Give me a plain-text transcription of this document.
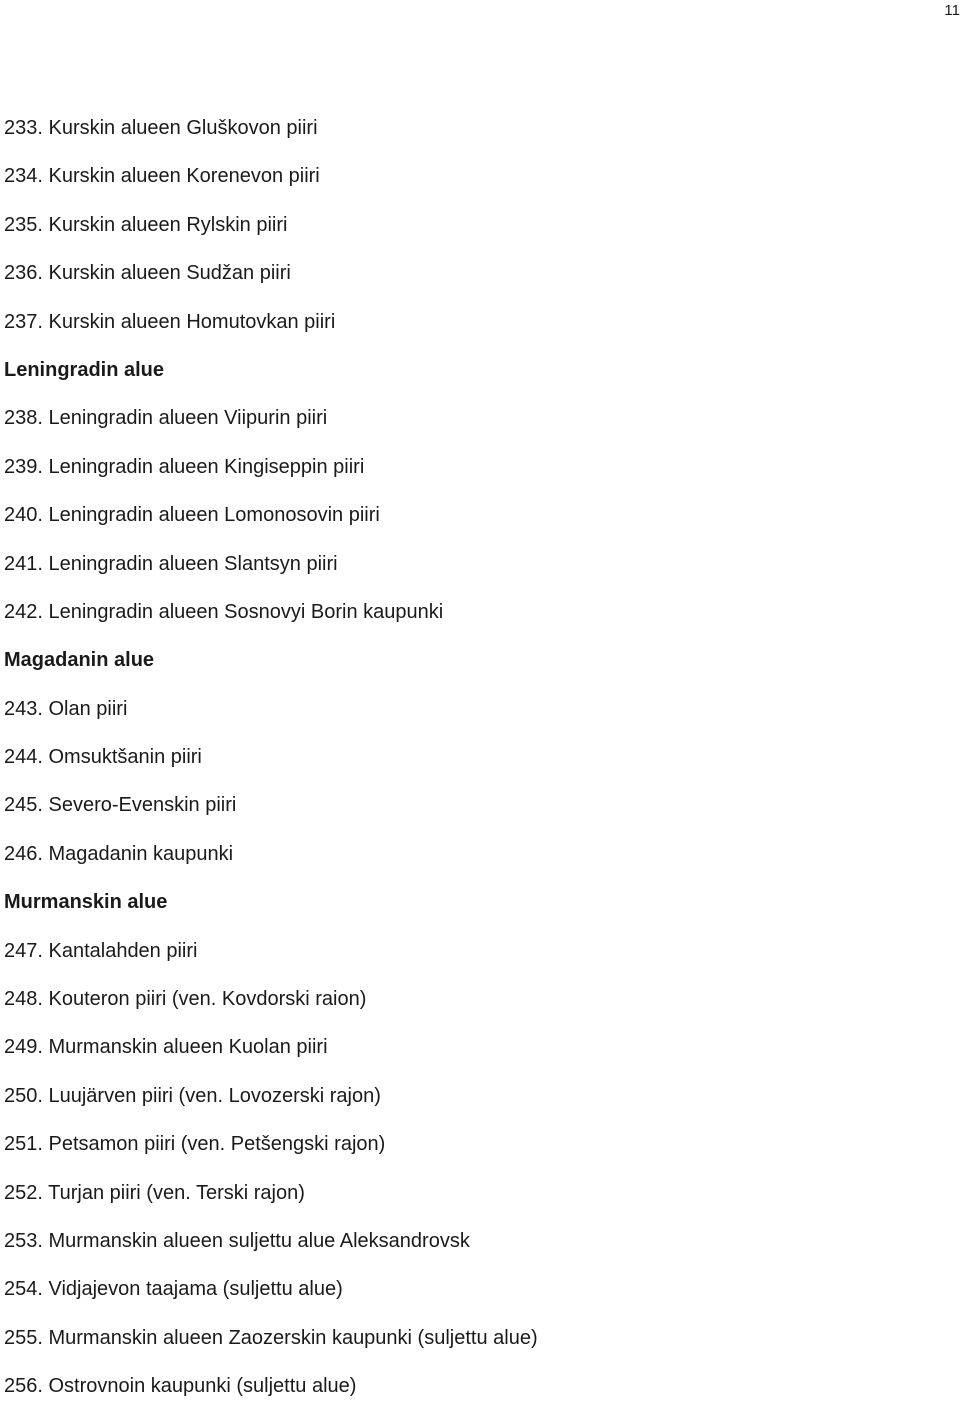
11
233. Kurskin alueen Gluškovon piiri
234. Kurskin alueen Korenevon piiri
235. Kurskin alueen Rylskin piiri
236. Kurskin alueen Sudžan piiri
237. Kurskin alueen Homutovkan piiri
Leningradin alue
238. Leningradin alueen Viipurin piiri
239. Leningradin alueen Kingiseppin piiri
240. Leningradin alueen Lomonosovin piiri
241. Leningradin alueen Slantsyn piiri
242. Leningradin alueen Sosnovyi Borin kaupunki
Magadanin alue
243. Olan piiri
244. Omsuktšanin piiri
245. Severo-Evenskin piiri
246. Magadanin kaupunki
Murmanskin alue
247. Kantalahden piiri
248. Kouteron piiri (ven. Kovdorski raion)
249. Murmanskin alueen Kuolan piiri
250. Luujärven piiri (ven. Lovozerski rajon)
251. Petsamon piiri (ven. Petšengski rajon)
252. Turjan piiri (ven. Terski rajon)
253. Murmanskin alueen suljettu alue Aleksandrovsk
254. Vidjajevon taajama (suljettu alue)
255. Murmanskin alueen Zaozerskin kaupunki (suljettu alue)
256. Ostrovnoin kaupunki (suljettu alue)
